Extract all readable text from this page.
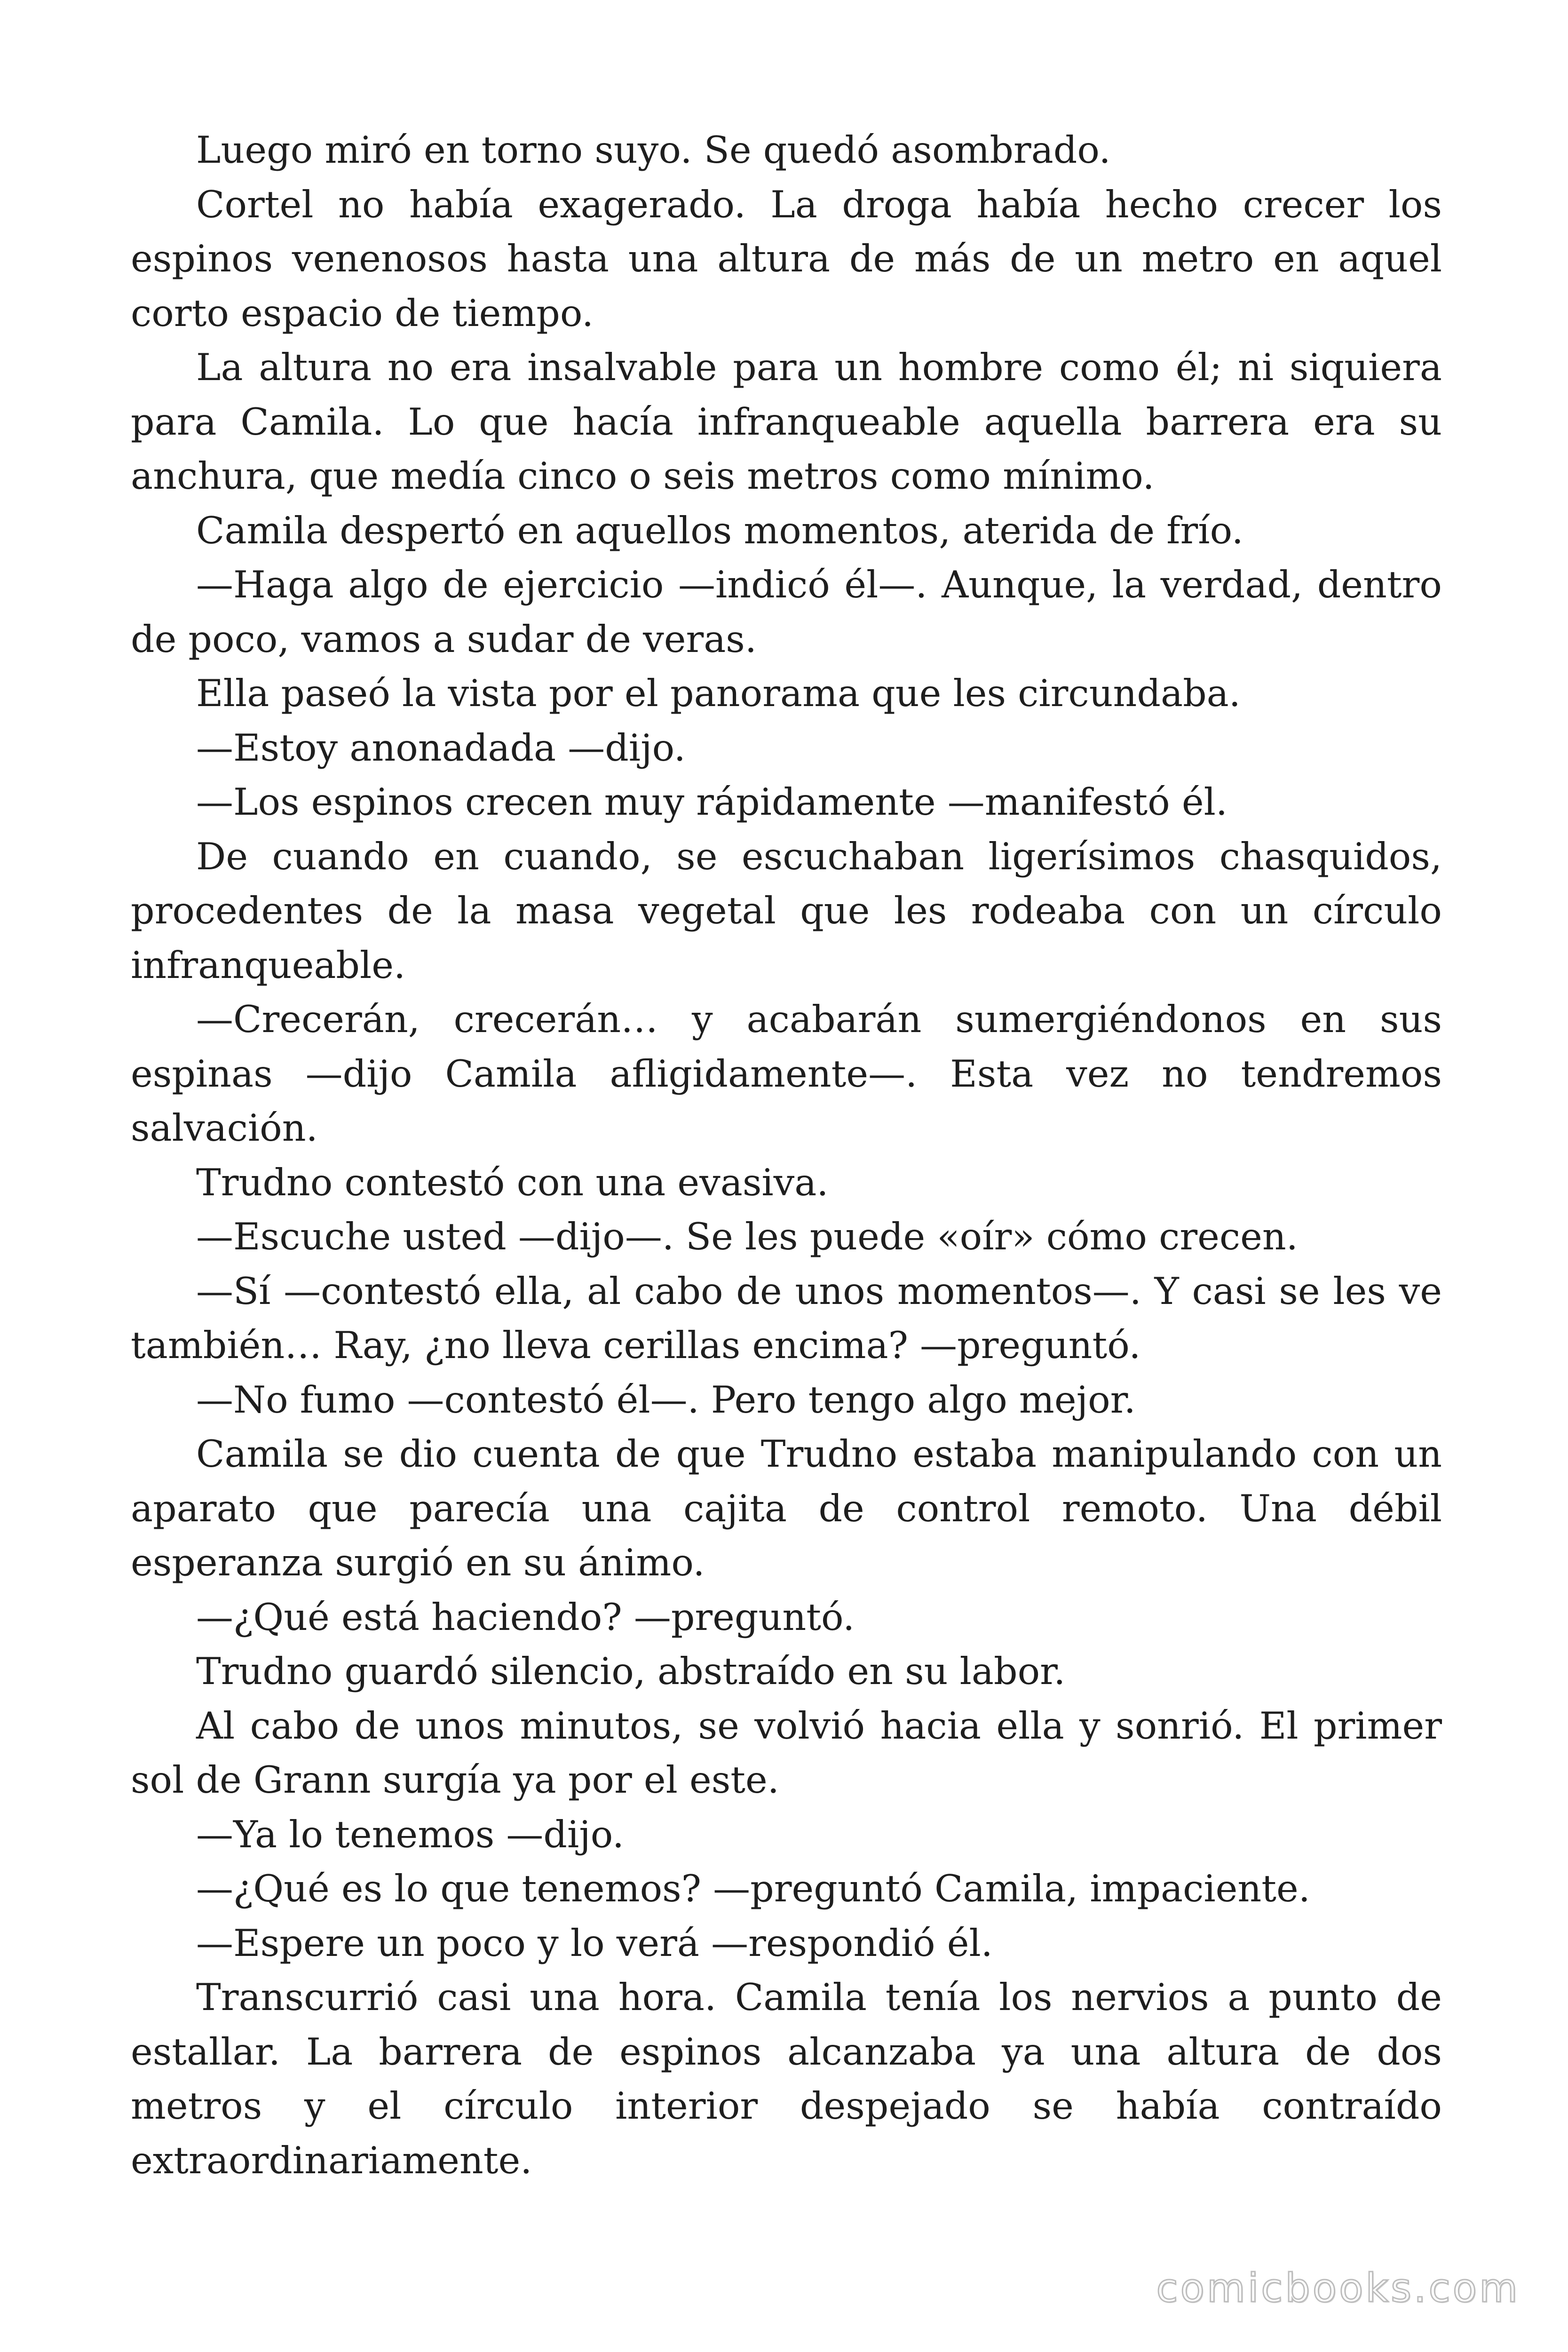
Luego miró en torno suyo. Se quedó asombrado.

Cortel no había exagerado. La droga había hecho crecer los espinos venenosos hasta una altura de más de un metro en aquel corto espacio de tiempo.

La altura no era insalvable para un hombre como él; ni siquiera para Camila. Lo que hacía infranqueable aquella barrera era su anchura, que medía cinco o seis metros como mínimo.

Camila despertó en aquellos momentos, aterida de frío.

—Haga algo de ejercicio —indicó él—. Aunque, la verdad, dentro de poco, vamos a sudar de veras.

Ella paseó la vista por el panorama que les circundaba.

—Estoy anonadada —dijo.

—Los espinos crecen muy rápidamente —manifestó él.

De cuando en cuando, se escuchaban ligerísimos chasquidos, procedentes de la masa vegetal que les rodeaba con un círculo infranqueable.

—Crecerán, crecerán… y acabarán sumergiéndonos en sus espinas —dijo Camila afligidamente—. Esta vez no tendremos salvación.

Trudno contestó con una evasiva.

—Escuche usted —dijo—. Se les puede «oír» cómo crecen.

—Sí —contestó ella, al cabo de unos momentos—. Y casi se les ve también… Ray, ¿no lleva cerillas encima? —preguntó.

—No fumo —contestó él—. Pero tengo algo mejor.

Camila se dio cuenta de que Trudno estaba manipulando con un aparato que parecía una cajita de control remoto. Una débil esperanza surgió en su ánimo.

—¿Qué está haciendo? —preguntó.

Trudno guardó silencio, abstraído en su labor.

Al cabo de unos minutos, se volvió hacia ella y sonrió. El primer sol de Grann surgía ya por el este.

—Ya lo tenemos —dijo.

—¿Qué es lo que tenemos? —preguntó Camila, impaciente.

—Espere un poco y lo verá —respondió él.

Transcurrió casi una hora. Camila tenía los nervios a punto de estallar. La barrera de espinos alcanzaba ya una altura de dos metros y el círculo interior despejado se había contraído extraordinariamente.

comicbooks.com
